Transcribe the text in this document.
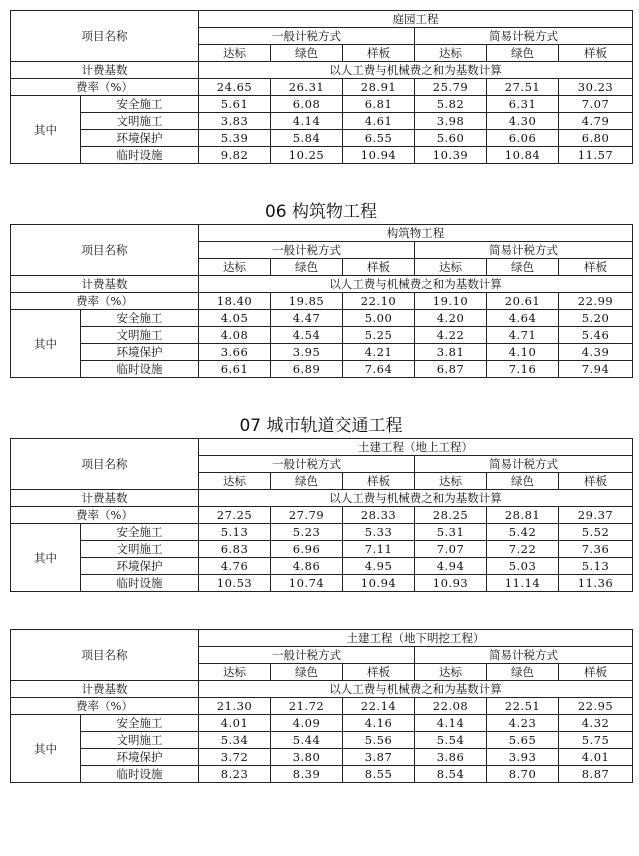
项目名称		庭园工程					
		一般计税方式			简易计税方式		
		达标	绿色	样板	达标	绿色	样板
计费基数		以人工费与机械费之和为基数计算					
费率（%）		24.65	26.31	28.91	25.79	27.51	30.23
其中	安全施工	5.61	6.08	6.81	5.82	6.31	7.07
	文明施工	3.83	4.14	4.61	3.98	4.30	4.79
	环境保护	5.39	5.84	6.55	5.60	6.06	6.80
	临时设施	9.82	10.25	10.94	10.39	10.84	11.57
06 构筑物工程
项目名称		构筑物工程					
		一般计税方式			简易计税方式		
		达标	绿色	样板	达标	绿色	样板
计费基数		以人工费与机械费之和为基数计算					
费率（%）		18.40	19.85	22.10	19.10	20.61	22.99
其中	安全施工	4.05	4.47	5.00	4.20	4.64	5.20
	文明施工	4.08	4.54	5.25	4.22	4.71	5.46
	环境保护	3.66	3.95	4.21	3.81	4.10	4.39
	临时设施	6.61	6.89	7.64	6.87	7.16	7.94
07 城市轨道交通工程
项目名称		土建工程（地上工程）					
		一般计税方式			简易计税方式		
		达标	绿色	样板	达标	绿色	样板
计费基数		以人工费与机械费之和为基数计算					
费率（%）		27.25	27.79	28.33	28.25	28.81	29.37
其中	安全施工	5.13	5.23	5.33	5.31	5.42	5.52
	文明施工	6.83	6.96	7.11	7.07	7.22	7.36
	环境保护	4.76	4.86	4.95	4.94	5.03	5.13
	临时设施	10.53	10.74	10.94	10.93	11.14	11.36
项目名称		土建工程（地下明挖工程）					
		一般计税方式			简易计税方式		
		达标	绿色	样板	达标	绿色	样板
计费基数		以人工费与机械费之和为基数计算					
费率（%）		21.30	21.72	22.14	22.08	22.51	22.95
其中	安全施工	4.01	4.09	4.16	4.14	4.23	4.32
	文明施工	5.34	5.44	5.56	5.54	5.65	5.75
	环境保护	3.72	3.80	3.87	3.86	3.93	4.01
	临时设施	8.23	8.39	8.55	8.54	8.70	8.87
